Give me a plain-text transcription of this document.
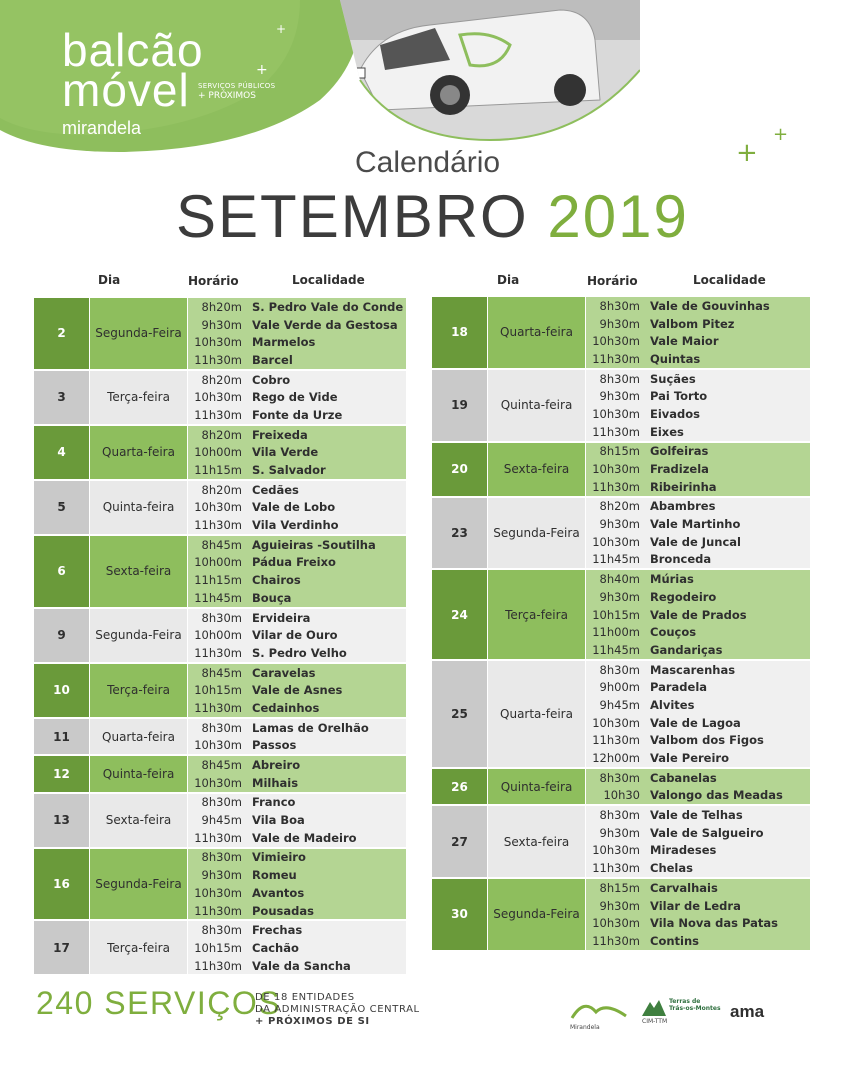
balcão
móvel
mirandela
SERVIÇOS PÚBLICOS
+ PRÓXIMOS
+
+
+
+
Calendário
SETEMBRO 2019
Dia	Horário	Localidade	Dia	Horário	Localidade
2	Segunda-Feira
8h20m S. Pedro Vale do Conde
9h30m Vale Verde da Gestosa
10h30m Marmelos
11h30m Barcel
3	Terça-feira
8h20m Cobro
10h30m Rego de Vide
11h30m Fonte da Urze
4	Quarta-feira
8h20m Freixeda
10h00m Vila Verde
11h15m S. Salvador
5	Quinta-feira
8h20m Cedães
10h30m Vale de Lobo
11h30m Vila Verdinho
6	Sexta-feira
8h45m Aguieiras -Soutilha
10h00m Pádua Freixo
11h15m Chairos
11h45m Bouça
9	Segunda-Feira
8h30m Ervideira
10h00m Vilar de Ouro
11h30m S. Pedro Velho
10	Terça-feira
8h45m Caravelas
10h15m Vale de Asnes
11h30m Cedainhos
11	Quarta-feira
8h30m Lamas de Orelhão
10h30m Passos
12	Quinta-feira
8h45m Abreiro
10h30m Milhais
13	Sexta-feira
8h30m Franco
9h45m Vila Boa
11h30m Vale de Madeiro
16	Segunda-Feira
8h30m Vimieiro
9h30m Romeu
10h30m Avantos
11h30m Pousadas
17	Terça-feira
8h30m Frechas
10h15m Cachão
11h30m Vale da Sancha
18	Quarta-feira
8h30m Vale de Gouvinhas
9h30m Valbom Pitez
10h30m Vale Maior
11h30m Quintas
19	Quinta-feira
8h30m Suçães
9h30m Pai Torto
10h30m Eivados
11h30m Eixes
20	Sexta-feira
8h15m Golfeiras
10h30m Fradizela
11h30m Ribeirinha
23	Segunda-Feira
8h20m Abambres
9h30m Vale Martinho
10h30m Vale de Juncal
11h45m Bronceda
24	Terça-feira
8h40m Múrias
9h30m Regodeiro
10h15m Vale de Prados
11h00m Couços
11h45m Gandariças
25	Quarta-feira
8h30m Mascarenhas
9h00m Paradela
9h45m Alvites
10h30m Vale de Lagoa
11h30m Valbom dos Figos
12h00m Vale Pereiro
26	Quinta-feira
8h30m Cabanelas
10h30 Valongo das Meadas
27	Sexta-feira
8h30m Vale de Telhas
9h30m Vale de Salgueiro
10h30m Miradeses
11h30m Chelas
30	Segunda-Feira
8h15m Carvalhais
9h30m Vilar de Ledra
10h30m Vila Nova das Patas
11h30m Contins
240 SERVIÇOS
DE 18 ENTIDADES
DA ADMINISTRAÇÃO CENTRAL
+ PRÓXIMOS DE SI
Mirandela
Terras de
Trás-os-Montes
CIM-TTM
ama
